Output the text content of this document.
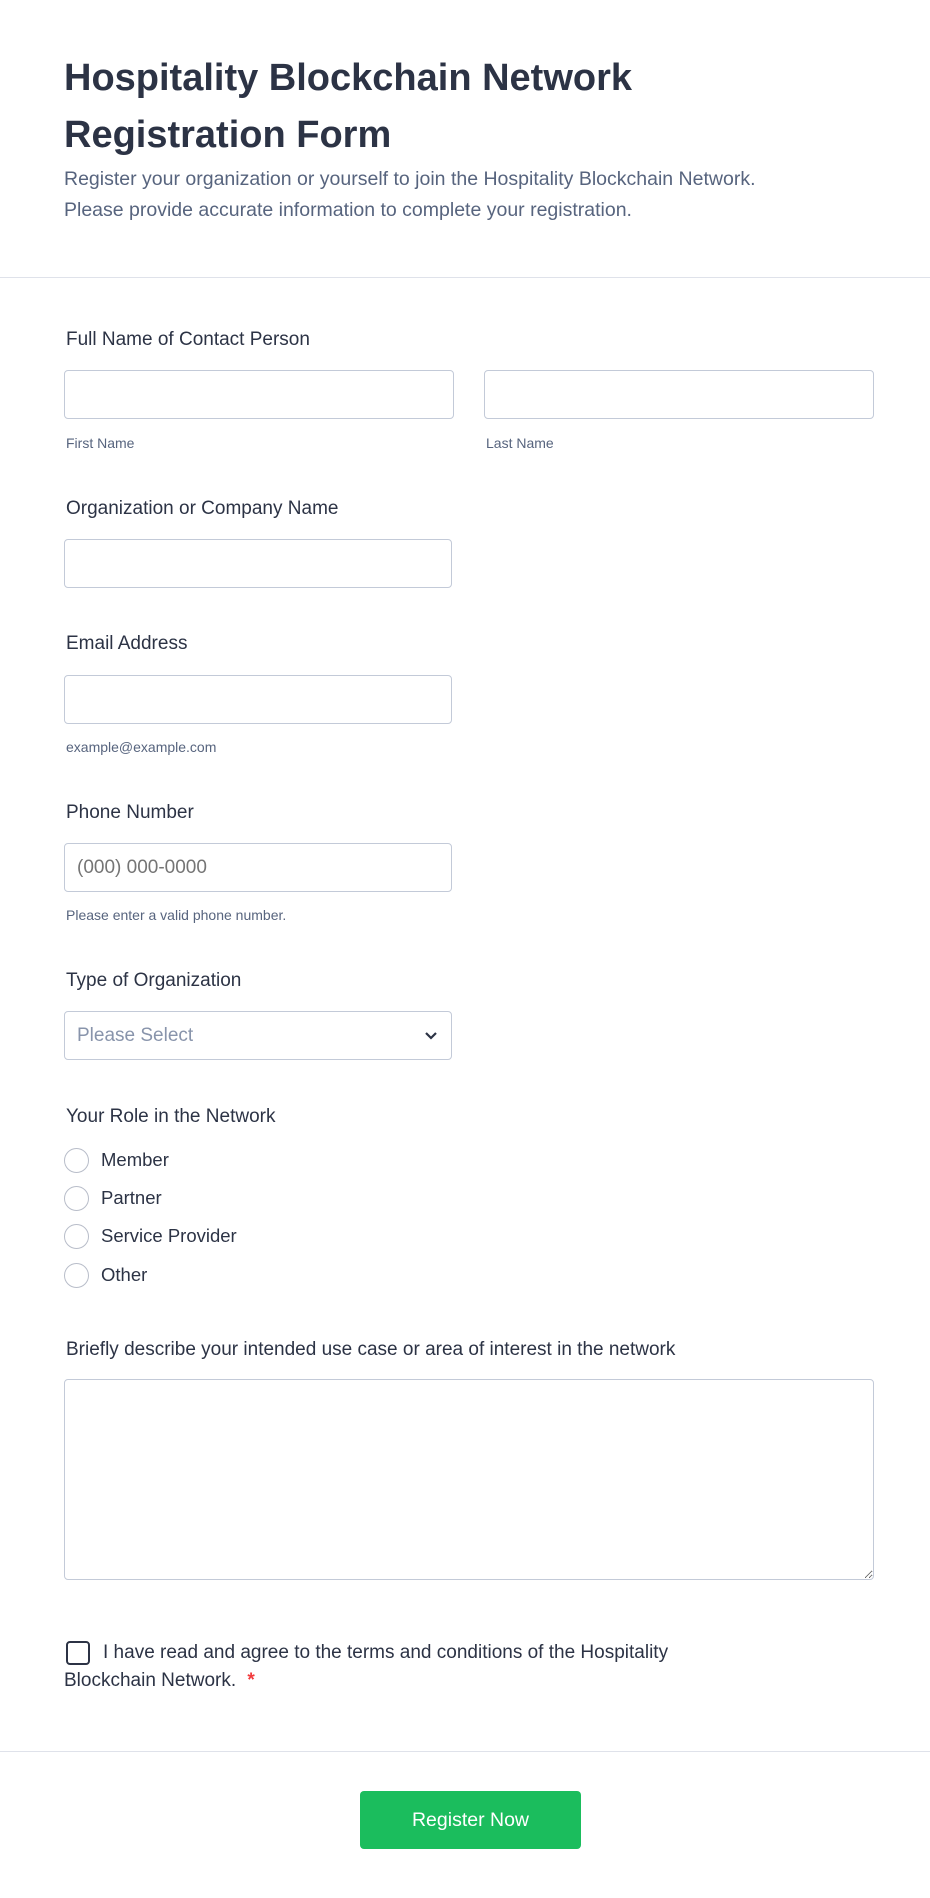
Hospitality Blockchain Network Registration Form
Register your organization or yourself to join the Hospitality Blockchain Network.
Please provide accurate information to complete your registration.
Full Name of Contact Person
First Name	Last Name
Organization or Company Name
Email Address
example@example.com
Phone Number
(000) 000-0000
Please enter a valid phone number.
Type of Organization
Please Select
Your Role in the Network
Member
Partner
Service Provider
Other
Briefly describe your intended use case or area of interest in the network
I have read and agree to the terms and conditions of the Hospitality
Blockchain Network. *
Register Now
